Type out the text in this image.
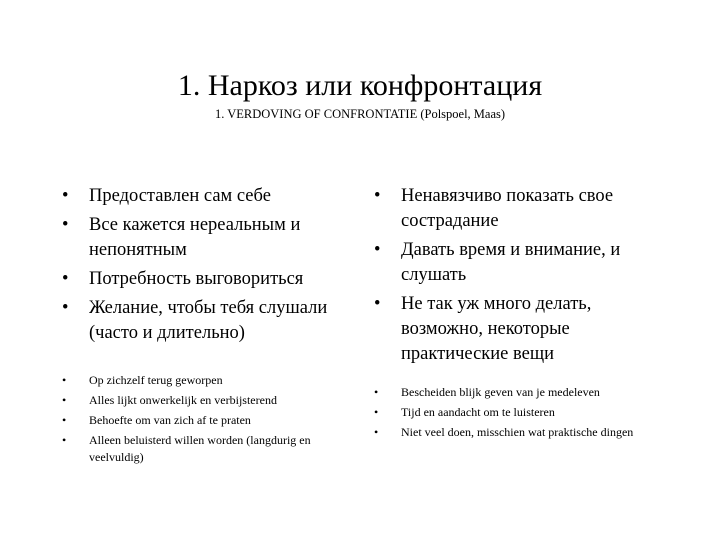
1. Наркоз или конфронтация
1. VERDOVING OF CONFRONTATIE (Polspoel, Maas)
• Предоставлен сам себе
• Все кажется нереальным и непонятным
• Потребность выговориться
• Желание, чтобы тебя слушали (часто и длительно)
• Ненавязчиво показать свое сострадание
• Давать время и внимание, и слушать
• Не так уж много делать, возможно, некоторые практические вещи
• Op zichzelf terug geworpen
• Alles lijkt onwerkelijk en verbijsterend
• Behoefte om van zich af te praten
• Alleen beluisterd willen worden (langdurig en veelvuldig)
• Bescheiden blijk geven van je medeleven
• Tijd en aandacht om te luisteren
• Niet veel doen, misschien wat praktische dingen
